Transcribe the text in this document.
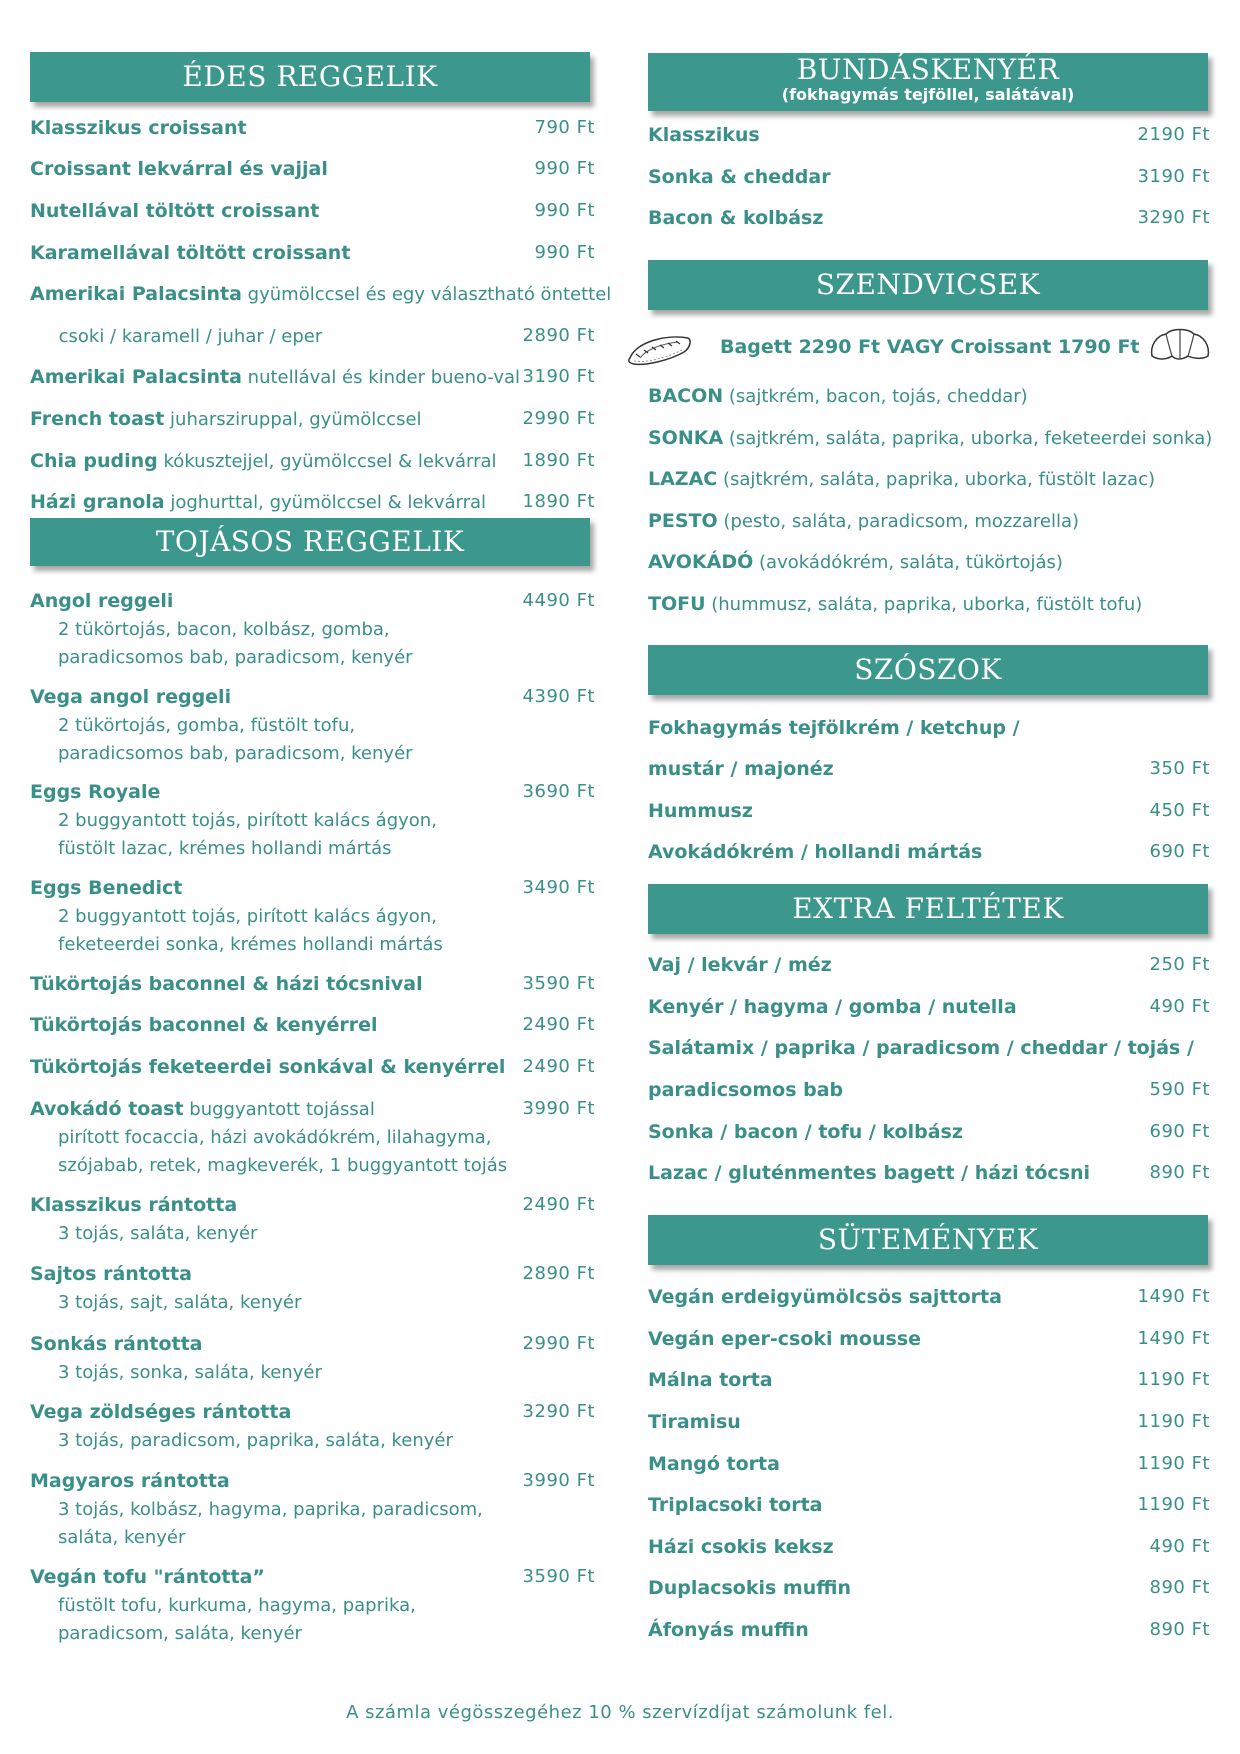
ÉDES REGGELIK
Klasszikus croissant	790 Ft
Croissant lekvárral és vajjal	990 Ft
Nutellával töltött croissant	990 Ft
Karamellával töltött croissant	990 Ft
Amerikai Palacsinta gyümölccsel és egy választható öntettel
csoki / karamell / juhar / eper	2890 Ft
Amerikai Palacsinta nutellával és kinder bueno-val 3190 Ft
French toast juharsziruppal, gyümölccsel	2990 Ft
Chia puding kókusztejjel, gyümölccsel & lekvárral 1890 Ft
Házi granola joghurttal, gyümölccsel & lekvárral 1890 Ft
TOJÁSOS REGGELIK
Angol reggeli	4490 Ft
2 tükörtojás, bacon, kolbász, gomba,
paradicsomos bab, paradicsom, kenyér
Vega angol reggeli	4390 Ft
2 tükörtojás, gomba, füstölt tofu,
paradicsomos bab, paradicsom, kenyér
Eggs Royale	3690 Ft
2 buggyantott tojás, pirított kalács ágyon,
füstölt lazac, krémes hollandi mártás
Eggs Benedict	3490 Ft
2 buggyantott tojás, pirított kalács ágyon,
feketeerdei sonka, krémes hollandi mártás
Tükörtojás baconnel & házi tócsnival	3590 Ft
Tükörtojás baconnel & kenyérrel	2490 Ft
Tükörtojás feketeerdei sonkával & kenyérrel 2490 Ft
Avokádó toast buggyantott tojással	3990 Ft
pirított focaccia, házi avokádókrém, lilahagyma,
szójabab, retek, magkeverék, 1 buggyantott tojás
Klasszikus rántotta	2490 Ft
3 tojás, saláta, kenyér
Sajtos rántotta	2890 Ft
3 tojás, sajt, saláta, kenyér
Sonkás rántotta	2990 Ft
3 tojás, sonka, saláta, kenyér
Vega zöldséges rántotta	3290 Ft
3 tojás, paradicsom, paprika, saláta, kenyér
Magyaros rántotta	3990 Ft
3 tojás, kolbász, hagyma, paprika, paradicsom,
saláta, kenyér
Vegán tofu "rántotta”	3590 Ft
füstölt tofu, kurkuma, hagyma, paprika,
paradicsom, saláta, kenyér
BUNDÁSKENYÉR
(fokhagymás tejföllel, salátával)
Klasszikus	2190 Ft
Sonka & cheddar	3190 Ft
Bacon & kolbász	3290 Ft
SZENDVICSEK
Bagett 2290 Ft VAGY Croissant 1790 Ft
BACON (sajtkrém, bacon, tojás, cheddar)
SONKA (sajtkrém, saláta, paprika, uborka, feketeerdei sonka)
LAZAC (sajtkrém, saláta, paprika, uborka, füstölt lazac)
PESTO (pesto, saláta, paradicsom, mozzarella)
AVOKÁDÓ (avokádókrém, saláta, tükörtojás)
TOFU (hummusz, saláta, paprika, uborka, füstölt tofu)
SZÓSZOK
Fokhagymás tejfölkrém / ketchup /
mustár / majonéz	350 Ft
Hummusz	450 Ft
Avokádókrém / hollandi mártás	690 Ft
EXTRA FELTÉTEK
Vaj / lekvár / méz	250 Ft
Kenyér / hagyma / gomba / nutella	490 Ft
Salátamix / paprika / paradicsom / cheddar / tojás /
paradicsomos bab	590 Ft
Sonka / bacon / tofu / kolbász	690 Ft
Lazac / gluténmentes bagett / házi tócsni	890 Ft
SÜTEMÉNYEK
Vegán erdeigyümölcsös sajttorta	1490 Ft
Vegán eper-csoki mousse	1490 Ft
Málna torta	1190 Ft
Tiramisu	1190 Ft
Mangó torta	1190 Ft
Triplacsoki torta	1190 Ft
Házi csokis keksz	490 Ft
Duplacsokis muffin	890 Ft
Áfonyás muffin	890 Ft
A számla végösszegéhez 10 % szervízdíjat számolunk fel.
